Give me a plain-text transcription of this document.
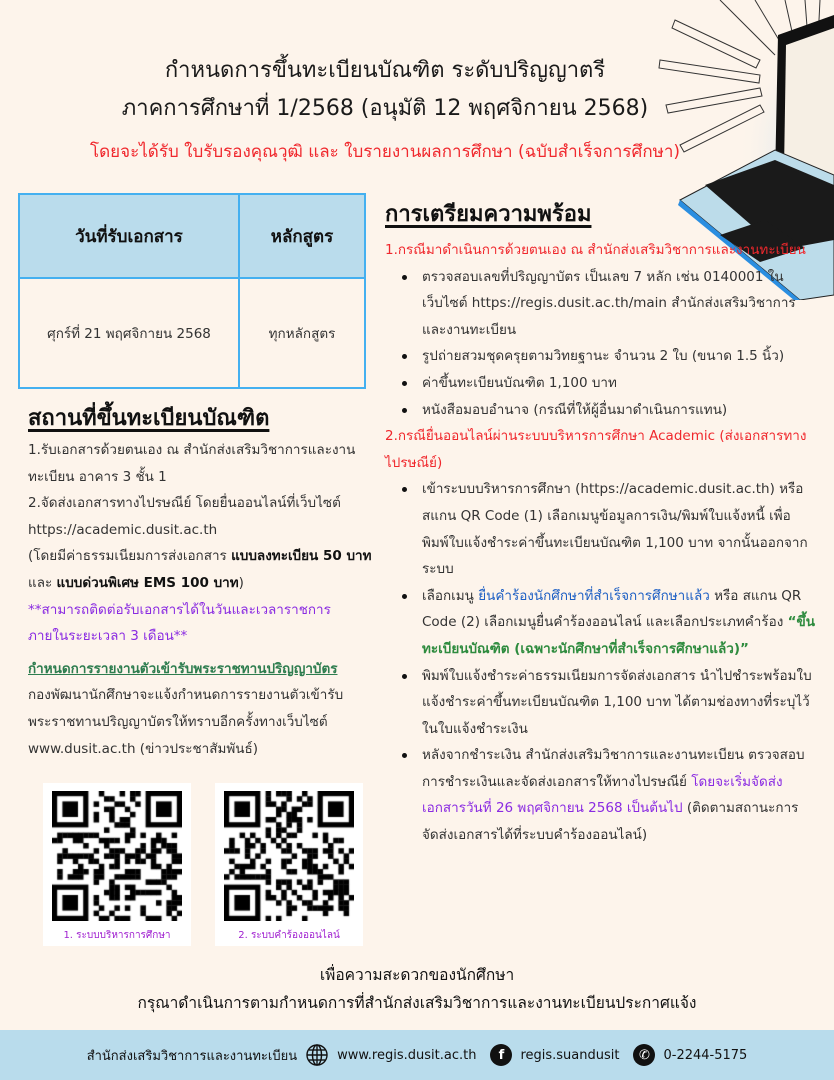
กำหนดการขึ้นทะเบียนบัณฑิต ระดับปริญญาตรี
ภาคการศึกษาที่ 1/2568 (อนุมัติ 12 พฤศจิกายน 2568)
โดยจะได้รับ ใบรับรองคุณวุฒิ และ ใบรายงานผลการศึกษา (ฉบับสำเร็จการศึกษา)
วันที่รับเอกสาร	หลักสูตร
ศุกร์ที่ 21 พฤศจิกายน 2568	ทุกหลักสูตร
สถานที่ขึ้นทะเบียนบัณฑิต
1.รับเอกสารด้วยตนเอง ณ สำนักส่งเสริมวิชาการและงานทะเบียน อาคาร 3 ชั้น 1
2.จัดส่งเอกสารทางไปรษณีย์ โดยยื่นออนไลน์ที่เว็บไซต์ https://academic.dusit.ac.th
(โดยมีค่าธรรมเนียมการส่งเอกสาร แบบลงทะเบียน 50 บาท และ แบบด่วนพิเศษ EMS 100 บาท)
**สามารถติดต่อรับเอกสารได้ในวันและเวลาราชการ ภายในระยะเวลา 3 เดือน**
กำหนดการรายงานตัวเข้ารับพระราชทานปริญญาบัตร
กองพัฒนานักศึกษาจะแจ้งกำหนดการรายงานตัวเข้ารับพระราชทานปริญญาบัตรให้ทราบอีกครั้งทางเว็บไซต์ www.dusit.ac.th (ข่าวประชาสัมพันธ์)
1. ระบบบริหารการศึกษา	2. ระบบคำร้องออนไลน์
การเตรียมความพร้อม
1.กรณีมาดำเนินการด้วยตนเอง ณ สำนักส่งเสริมวิชาการและงานทะเบียน
ตรวจสอบเลขที่ปริญญาบัตร เป็นเลข 7 หลัก เช่น 0140001 ในเว็บไซต์ https://regis.dusit.ac.th/main สำนักส่งเสริมวิชาการและงานทะเบียน
รูปถ่ายสวมชุดครุยตามวิทยฐานะ จำนวน 2 ใบ (ขนาด 1.5 นิ้ว)
ค่าขึ้นทะเบียนบัณฑิต 1,100 บาท
หนังสือมอบอำนาจ (กรณีที่ให้ผู้อื่นมาดำเนินการแทน)
2.กรณียื่นออนไลน์ผ่านระบบบริหารการศึกษา Academic (ส่งเอกสารทางไปรษณีย์)
เข้าระบบบริหารการศึกษา (https://academic.dusit.ac.th) หรือ สแกน QR Code (1) เลือกเมนูข้อมูลการเงิน/พิมพ์ใบแจ้งหนี้ เพื่อพิมพ์ใบแจ้งชำระค่าขึ้นทะเบียนบัณฑิต 1,100 บาท จากนั้นออกจากระบบ
เลือกเมนู ยื่นคำร้องนักศึกษาที่สำเร็จการศึกษาแล้ว หรือ สแกน QR Code (2) เลือกเมนูยื่นคำร้องออนไลน์ และเลือกประเภทคำร้อง “ขึ้นทะเบียนบัณฑิต (เฉพาะนักศึกษาที่สำเร็จการศึกษาแล้ว)”
พิมพ์ใบแจ้งชำระค่าธรรมเนียมการจัดส่งเอกสาร นำไปชำระพร้อมใบแจ้งชำระค่าขึ้นทะเบียนบัณฑิต 1,100 บาท ได้ตามช่องทางที่ระบุไว้ในใบแจ้งชำระเงิน
หลังจากชำระเงิน สำนักส่งเสริมวิชาการและงานทะเบียน ตรวจสอบการชำระเงินและจัดส่งเอกสารให้ทางไปรษณีย์ โดยจะเริ่มจัดส่งเอกสารวันที่ 26 พฤศจิกายน 2568 เป็นต้นไป (ติดตามสถานะการจัดส่งเอกสารได้ที่ระบบคำร้องออนไลน์)
เพื่อความสะดวกของนักศึกษา
กรุณาดำเนินการตามกำหนดการที่สำนักส่งเสริมวิชาการและงานทะเบียนประกาศแจ้ง
สำนักส่งเสริมวิชาการและงานทะเบียน	www.regis.dusit.ac.th	f	regis.suandusit	✆	0-2244-5175
